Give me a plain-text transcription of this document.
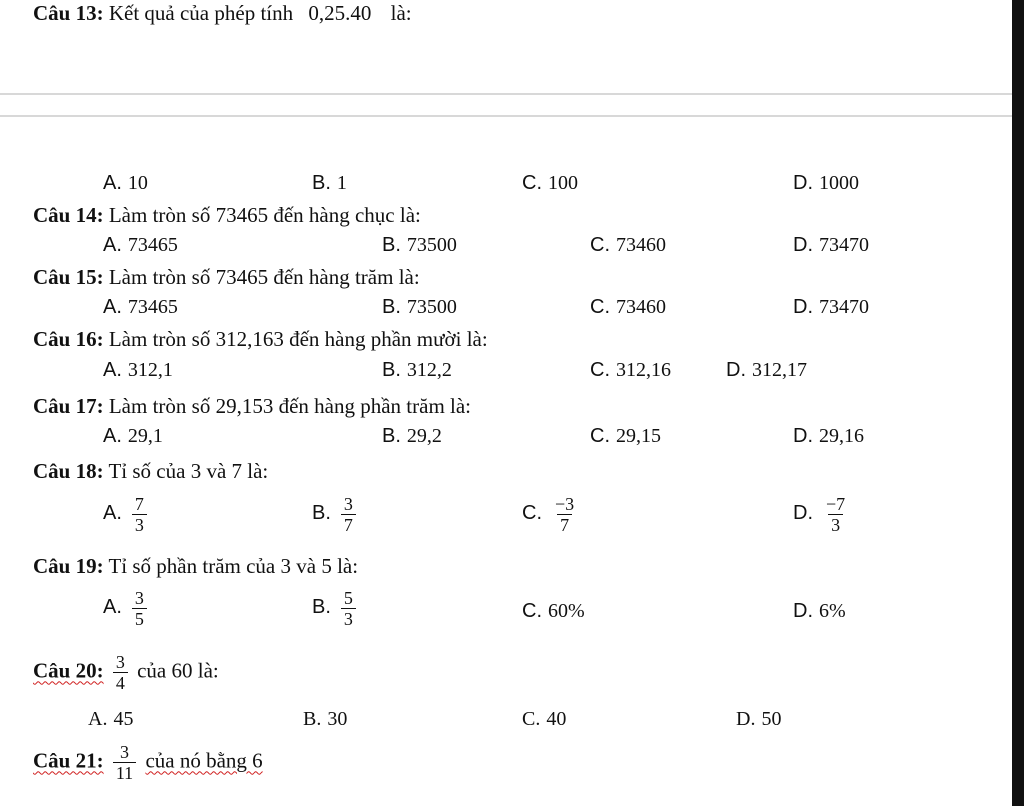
Câu 13: Kết quả của phép tính 0,25.40 là:
A. 10	B. 1	C. 100	D. 1000
Câu 14: Làm tròn số 73465 đến hàng chục là:
A. 73465	B. 73500	C. 73460	D. 73470
Câu 15: Làm tròn số 73465 đến hàng trăm là:
A. 73465	B. 73500	C. 73460	D. 73470
Câu 16: Làm tròn số 312,163 đến hàng phần mười là:
A. 312,1	B. 312,2	C. 312,16	D. 312,17
Câu 17: Làm tròn số 29,153 đến hàng phần trăm là:
A. 29,1	B. 29,2	C. 29,15	D. 29,16
Câu 18: Tỉ số của 3 và 7 là:
A. $\frac{7}{3}$	B. $\frac{3}{7}$	C. $\frac{-3}{7}$	D. $\frac{-7}{3}$
Câu 19: Tỉ số phần trăm của 3 và 5 là:
A. $\frac{3}{5}$	B. $\frac{5}{3}$	C. 60%	D. 6%
Câu 20: $\frac{3}{4}$ của 60 là:
A. 45	B. 30	C. 40	D. 50
Câu 21: $\frac{3}{11}$ của nó bằng 6
